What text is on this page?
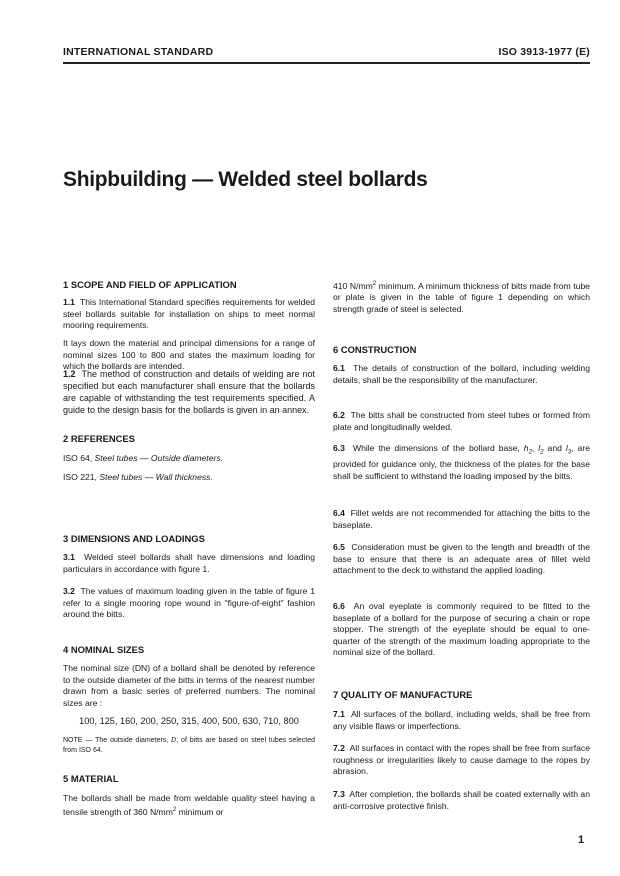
INTERNATIONAL STANDARD	ISO 3913-1977 (E)
Shipbuilding — Welded steel bollards
1 SCOPE AND FIELD OF APPLICATION
1.1 This International Standard specifies requirements for welded steel bollards suitable for installation on ships to meet normal mooring requirements.
It lays down the material and principal dimensions for a range of nominal sizes 100 to 800 and states the maximum loading for which the bollards are intended.
1.2 The method of construction and details of welding are not specified but each manufacturer shall ensure that the bollards are capable of withstanding the test requirements specified. A guide to the design basis for the bollards is given in an annex.
2 REFERENCES
ISO 64, Steel tubes — Outside diameters.
ISO 221, Steel tubes — Wall thickness.
3 DIMENSIONS AND LOADINGS
3.1 Welded steel bollards shall have dimensions and loading particulars in accordance with figure 1.
3.2 The values of maximum loading given in the table of figure 1 refer to a single mooring rope wound in "figure-of-eight" fashion around the bitts.
4 NOMINAL SIZES
The nominal size (DN) of a bollard shall be denoted by reference to the outside diameter of the bitts in terms of the nearest number drawn from a basic series of preferred numbers. The nominal sizes are :
100, 125, 160, 200, 250, 315, 400, 500, 630, 710, 800
NOTE — The outside diameters, D, of bitts are based on steel tubes selected from ISO 64.
5 MATERIAL
The bollards shall be made from weldable quality steel having a tensile strength of 360 $N/mm^2$ minimum or
410 $N/mm^2$ minimum. A minimum thickness of bitts made from tube or plate is given in the table of figure 1 depending on which strength grade of steel is selected.
6 CONSTRUCTION
6.1 The details of construction of the bollard, including welding details, shall be the responsibility of the manufacturer.
6.2 The bitts shall be constructed from steel tubes or formed from plate and longitudinally welded.
6.3 While the dimensions of the bollard base, $h_2$, $l_2$ and $l_3$, are provided for guidance only, the thickness of the plates for the base shall be sufficient to withstand the loading imposed by the bitts.
6.4 Fillet welds are not recommended for attaching the bitts to the baseplate.
6.5 Consideration must be given to the length and breadth of the base to ensure that there is an adequate area of fillet weld attachment to the deck to withstand the applied loading.
6.6 An oval eyeplate is commonly required to be fitted to the baseplate of a bollard for the purpose of securing a chain or rope stopper. The strength of the eyeplate should be equal to one-quarter of the strength of the maximum loading appropriate to the nominal size of the bollard.
7 QUALITY OF MANUFACTURE
7.1 All surfaces of the bollard, including welds, shall be free from any visible flaws or imperfections.
7.2 All surfaces in contact with the ropes shall be free from surface roughness or irregularities likely to cause damage to the ropes by abrasion.
7.3 After completion, the bollards shall be coated externally with an anti-corrosive protective finish.
1
